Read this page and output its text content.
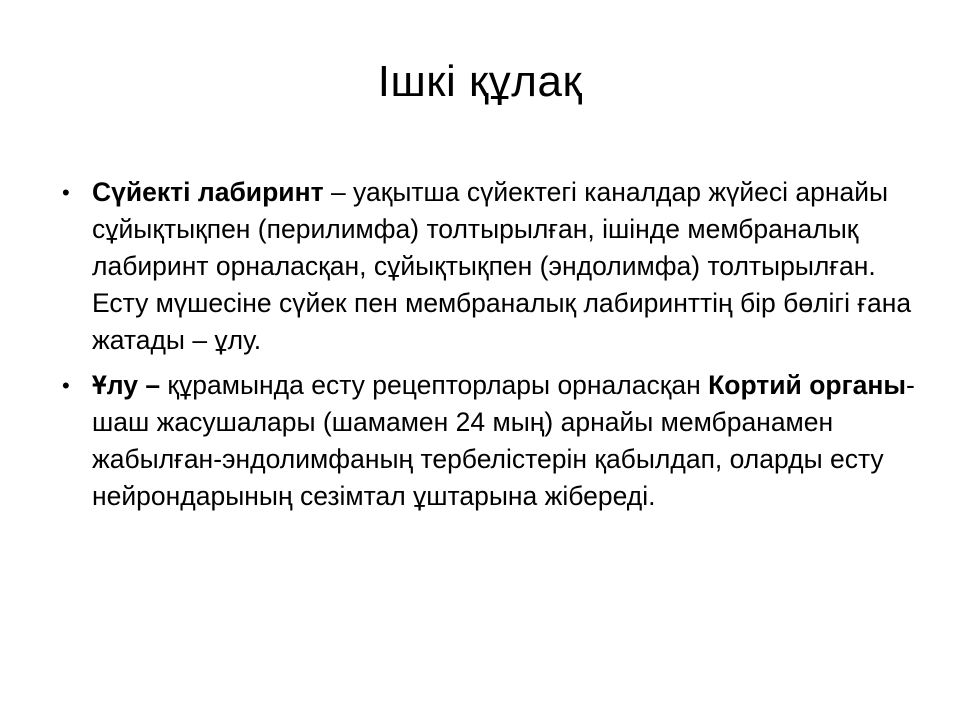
Ішкі құлақ
• Сүйекті лабиринт – уақытша сүйектегі каналдар жүйесі арнайы сұйықтықпен (перилимфа) толтырылған, ішінде мембраналық лабиринт орналасқан, сұйықтықпен (эндолимфа) толтырылған. Есту мүшесіне сүйек пен мембраналық лабиринттің бір бөлігі ғана жатады – ұлу.
• Ұлу – құрамында есту рецепторлары орналасқан Кортий органы-шаш жасушалары (шамамен 24 мың) арнайы мембранамен жабылған-эндолимфаның тербелістерін қабылдап, оларды есту нейрондарының сезімтал ұштарына жібереді.
